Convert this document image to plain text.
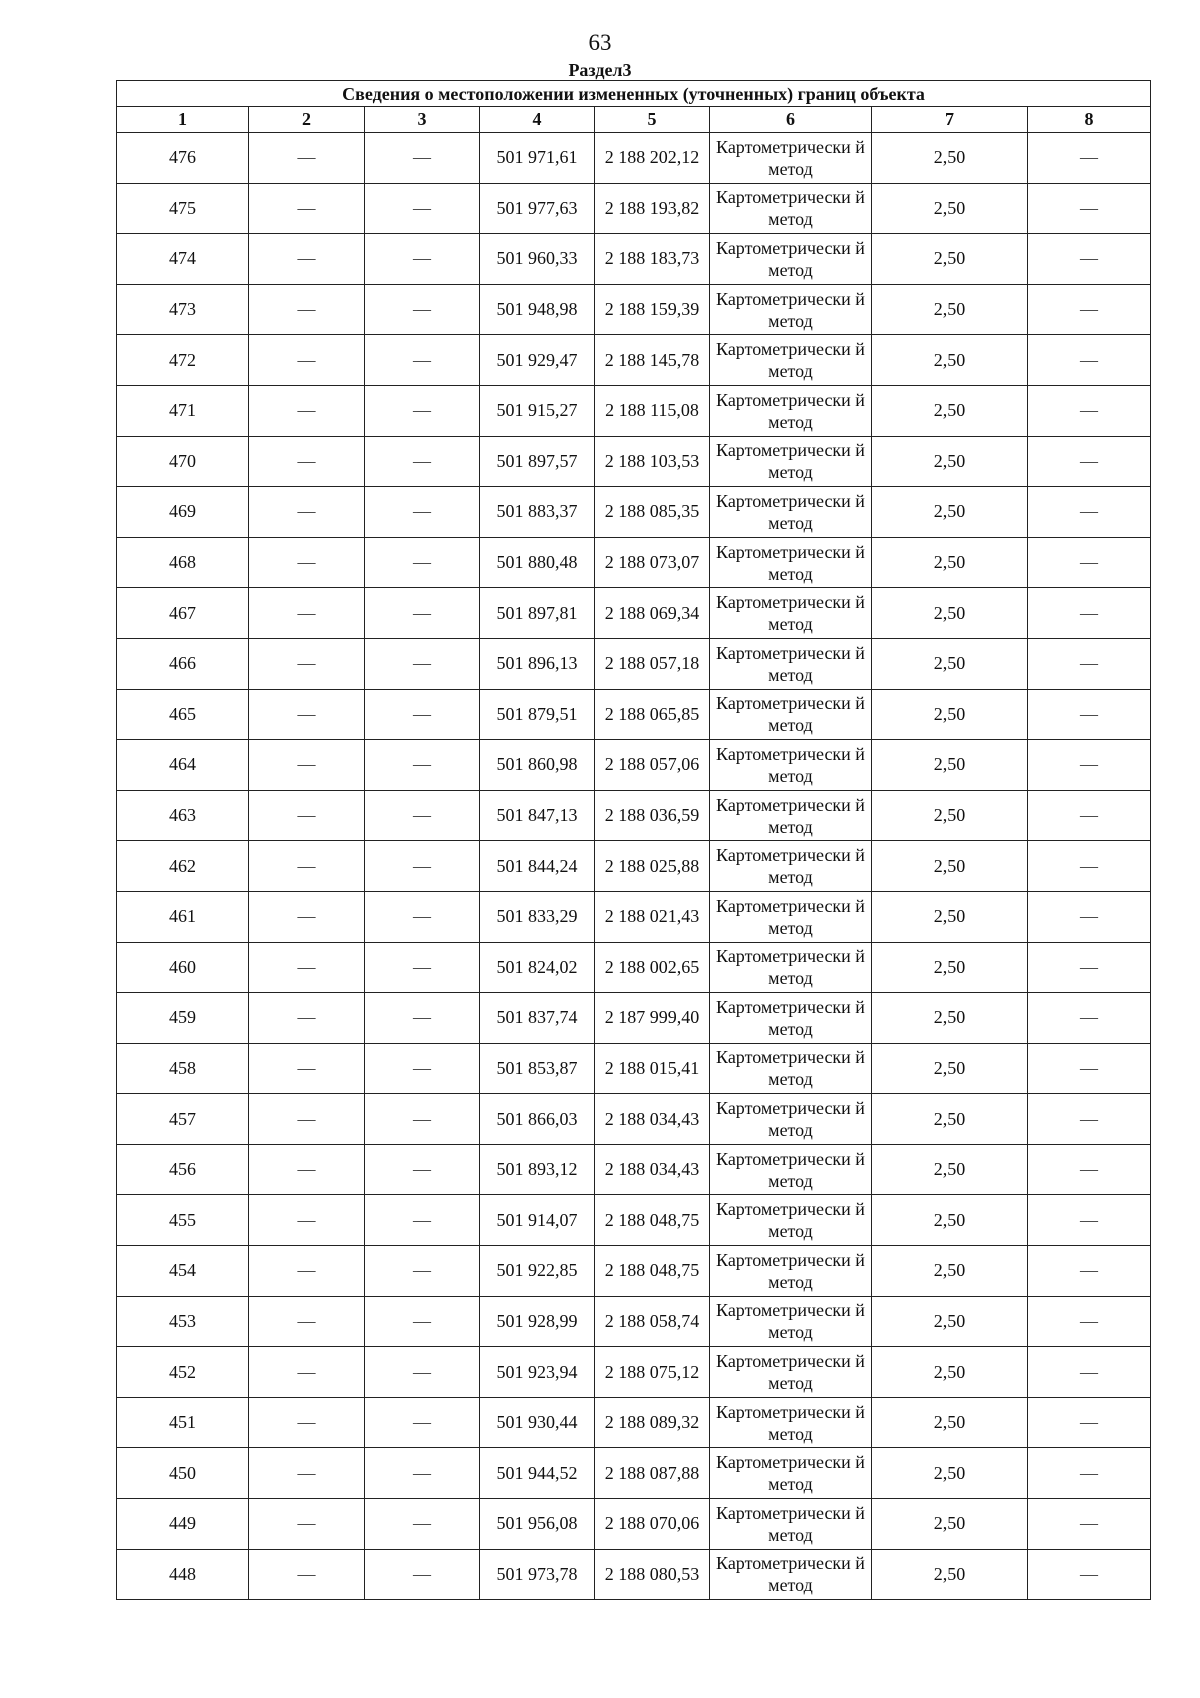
63
Раздел3
Сведения о местоположении измененных (уточненных) границ объекта							
1	2	3	4	5	6	7	8
476	—	—	501 971,61	2 188 202,12	Картометрически й метод	2,50	—
475	—	—	501 977,63	2 188 193,82	Картометрически й метод	2,50	—
474	—	—	501 960,33	2 188 183,73	Картометрически й метод	2,50	—
473	—	—	501 948,98	2 188 159,39	Картометрически й метод	2,50	—
472	—	—	501 929,47	2 188 145,78	Картометрически й метод	2,50	—
471	—	—	501 915,27	2 188 115,08	Картометрически й метод	2,50	—
470	—	—	501 897,57	2 188 103,53	Картометрически й метод	2,50	—
469	—	—	501 883,37	2 188 085,35	Картометрически й метод	2,50	—
468	—	—	501 880,48	2 188 073,07	Картометрически й метод	2,50	—
467	—	—	501 897,81	2 188 069,34	Картометрически й метод	2,50	—
466	—	—	501 896,13	2 188 057,18	Картометрически й метод	2,50	—
465	—	—	501 879,51	2 188 065,85	Картометрически й метод	2,50	—
464	—	—	501 860,98	2 188 057,06	Картометрически й метод	2,50	—
463	—	—	501 847,13	2 188 036,59	Картометрически й метод	2,50	—
462	—	—	501 844,24	2 188 025,88	Картометрически й метод	2,50	—
461	—	—	501 833,29	2 188 021,43	Картометрически й метод	2,50	—
460	—	—	501 824,02	2 188 002,65	Картометрически й метод	2,50	—
459	—	—	501 837,74	2 187 999,40	Картометрически й метод	2,50	—
458	—	—	501 853,87	2 188 015,41	Картометрически й метод	2,50	—
457	—	—	501 866,03	2 188 034,43	Картометрически й метод	2,50	—
456	—	—	501 893,12	2 188 034,43	Картометрически й метод	2,50	—
455	—	—	501 914,07	2 188 048,75	Картометрически й метод	2,50	—
454	—	—	501 922,85	2 188 048,75	Картометрически й метод	2,50	—
453	—	—	501 928,99	2 188 058,74	Картометрически й метод	2,50	—
452	—	—	501 923,94	2 188 075,12	Картометрически й метод	2,50	—
451	—	—	501 930,44	2 188 089,32	Картометрически й метод	2,50	—
450	—	—	501 944,52	2 188 087,88	Картометрически й метод	2,50	—
449	—	—	501 956,08	2 188 070,06	Картометрически й метод	2,50	—
448	—	—	501 973,78	2 188 080,53	Картометрически й метод	2,50	—
